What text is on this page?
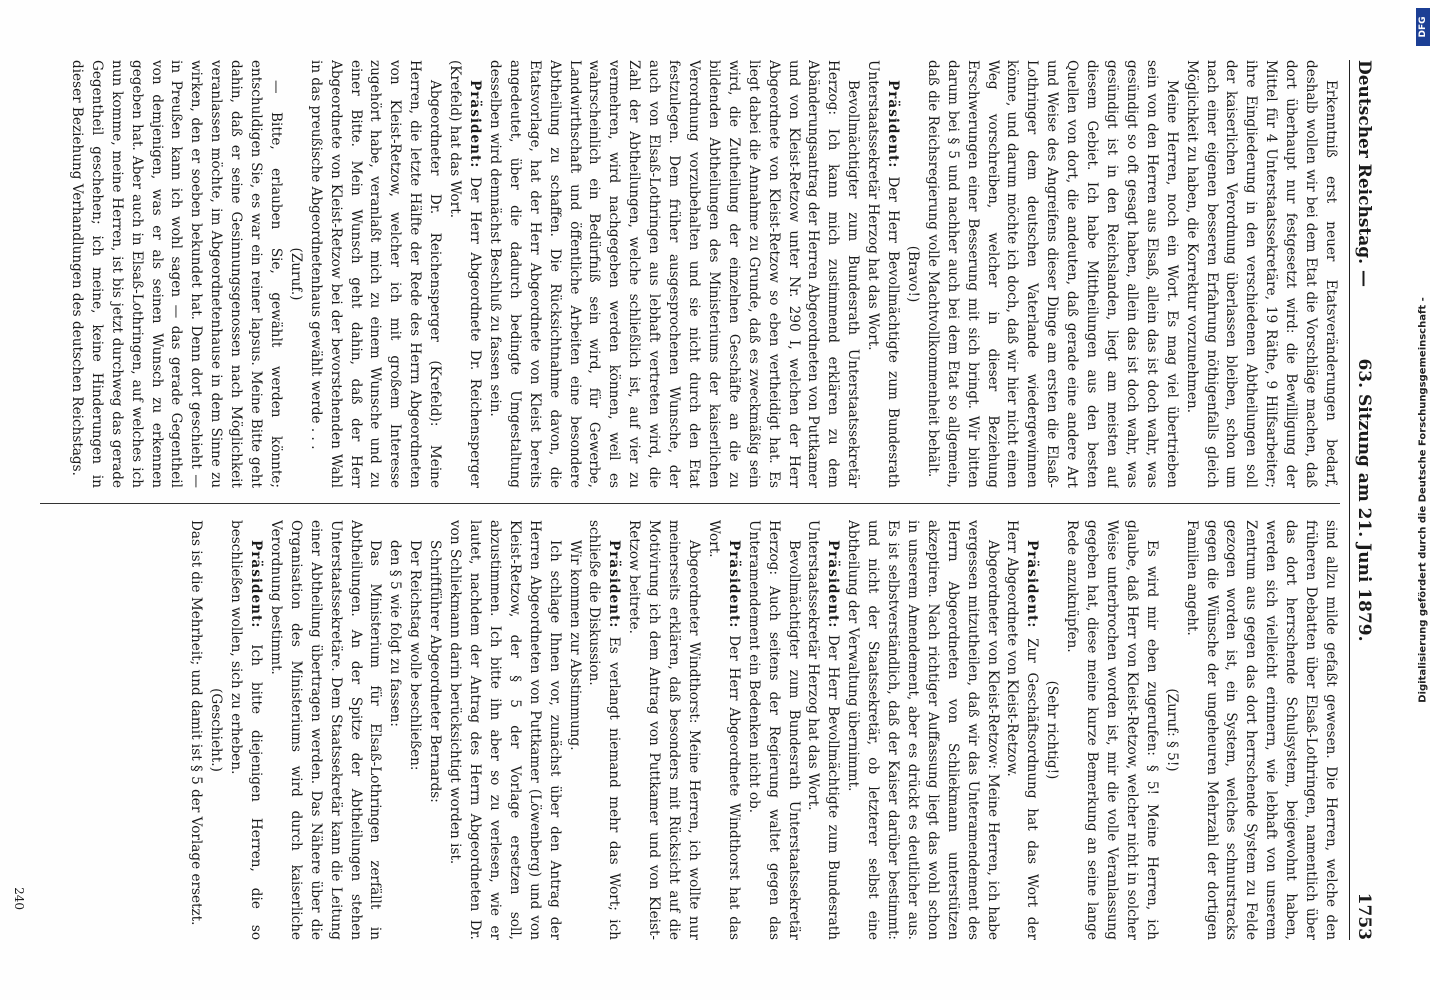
Deutscher Reichstag. —
63. Sitzung am 21. Juni 1879.
1753

Erkenntniß erst neuer Etatsveränderungen bedarf, deshalb wollen wir bei dem Etat die Vorschläge machen, daß dort überhaupt nur festgesetzt wird: die Bewilligung der Mittel für 4 Unterstaatssekretäre, 19 Räthe, 9 Hilfsarbeiter; ihre Eingliederung in den verschiedenen Abtheilungen soll der kaiserlichen Verordnung überlassen bleiben, schon um nach einer eigenen besseren Erfahrung nöthigenfalls gleich Möglichkeit zu haben, die Korrektur vorzunehmen.

Meine Herren, noch ein Wort. Es mag viel übertrieben sein von den Herren aus Elsaß, allein das ist doch wahr, was gesündigt so oft gesagt haben, allein das ist doch wahr, was gesündigt ist in den Reichslanden, liegt am meisten auf diesem Gebiet. Ich habe Mittheilungen aus den besten Quellen von dort, die andeuten, daß gerade eine andere Art und Weise des Angreifens dieser Dinge am ersten die Elsaß-Lothringer dem deutschen Vaterlande wiedergewinnen könne, und darum möchte ich doch, daß wir hier nicht einen Weg vorschreiben, welcher in dieser Beziehung Erschwerungen einer Besserung mit sich bringt. Wir bitten darum bei § 5 und nachher auch bei dem Etat so allgemein, daß die Reichsregierung volle Machtvollkommenheit behält.

(Bravo!)

Präsident: Der Herr Bevollmächtigte zum Bundesrath Unterstaatssekretär Herzog hat das Wort.

Bevollmächtigter zum Bundesrath Unterstaatssekretär Herzog: Ich kann mich zustimmend erklären zu dem Abänderungsantrag der Herren Abgeordneten von Puttkamer und von Kleist-Retzow unter Nr. 290 I, welchen der Herr Abgeordnete von Kleist-Retzow so eben vertheidigt hat. Es liegt dabei die Annahme zu Grunde, daß es zweckmäßig sein wird, die Zutheilung der einzelnen Geschäfte an die zu bildenden Abtheilungen des Ministeriums der kaiserlichen Verordnung vorzubehalten und sie nicht durch den Etat festzulegen. Dem früher ausgesprochenen Wunsche, der auch von Elsaß-Lothringen aus lebhaft vertreten wird, die Zahl der Abtheilungen, welche schließlich ist, auf vier zu vermehren, wird nachgegeben werden können, weil es wahrscheinlich ein Bedürfniß sein wird, für Gewerbe, Landwirthschaft und öffentliche Arbeiten eine besondere Abtheilung zu schaffen. Die Rücksichtnahme davon, die Etatsvorlage, hat der Herr Abgeordnete von Kleist bereits angedeutet, über die dadurch bedingte Umgestaltung desselben wird demnächst Beschluß zu fassen sein.

Präsident: Der Herr Abgeordnete Dr. Reichensperger (Krefeld) hat das Wort.

Abgeordneter Dr. Reichensperger (Krefeld): Meine Herren, die letzte Hälfte der Rede des Herrn Abgeordneten von Kleist-Retzow, welcher ich mit großem Interesse zugehört habe, veranlaßt mich zu einem Wunsche und zu einer Bitte. Mein Wunsch geht dahin, daß der Herr Abgeordnete von Kleist-Retzow bei der bevorstehenden Wahl in das preußische Abgeordnetenhaus gewählt werde . . .

(Zuruf.)

— Bitte, erlauben Sie, gewählt werden könnte; entschuldigen Sie, es war ein reiner lapsus. Meine Bitte geht dahin, daß er seine Gesinnungsgenossen nach Möglichkeit veranlassen möchte, im Abgeordnetenhause in dem Sinne zu wirken, den er soeben bekundet hat. Denn dort geschieht — in Preußen kann ich wohl sagen — das gerade Gegentheil von demjenigen, was er als seinen Wunsch zu erkennen gegeben hat. Aber auch in Elsaß-Lothringen, auf welches ich nun komme, meine Herren, ist bis jetzt durchweg das gerade Gegentheil geschehen; ich meine, keine Hinderungen in dieser Beziehung Verhandlungen des deutschen Reichstags.

sind allzu milde gefaßt gewesen. Die Herren, welche den früheren Debatten über Elsaß-Lothringen, namentlich über das dort herrschende Schulsystem, beigewohnt haben, werden sich vielleicht erinnern, wie lebhaft von unserem Zentrum aus gegen das dort herrschende System zu Felde gezogen worden ist, ein System, welches schnurstracks gegen die Wünsche der ungeheuren Mehrzahl der dortigen Familien angeht.

(Zuruf: § 5!)

Es wird mir eben zugerufen: § 5! Meine Herren, ich glaube, daß Herr von Kleist-Retzow, welcher nicht in solcher Weise unterbrochen worden ist, mir die volle Veranlassung gegeben hat, diese meine kurze Bemerkung an seine lange Rede anzuknüpfen.

(Sehr richtig!)

Präsident: Zur Geschäftsordnung hat das Wort der Herr Abgeordnete von Kleist-Retzow.

Abgeordneter von Kleist-Retzow: Meine Herren, ich habe vergessen mitzutheilen, daß wir das Unteramendement des Herrn Abgeordneten von Schliekmann unterstützen akzeptiren. Nach richtiger Auffassung liegt das wohl schon in unserem Amendement, aber es drückt es deutlicher aus. Es ist selbstverständlich, daß der Kaiser darüber bestimmt: und nicht der Staatssekretär, ob letzterer selbst eine Abtheilung der Verwaltung übernimmt.

Präsident: Der Herr Bevollmächtigte zum Bundesrath Unterstaatssekretär Herzog hat das Wort.

Bevollmächtigter zum Bundesrath Unterstaatssekretär Herzog: Auch seitens der Regierung waltet gegen das Unteramendement ein Bedenken nicht ob.

Präsident: Der Herr Abgeordnete Windthorst hat das Wort.

Abgeordneter Windthorst: Meine Herren, ich wollte nur meinerseits erklären, daß besonders mit Rücksicht auf die Motivirung ich dem Antrag von Puttkamer und von Kleist-Retzow beitrete.

Präsident: Es verlangt niemand mehr das Wort; ich schließe die Diskussion.

Wir kommen zur Abstimmung.

Ich schlage Ihnen vor, zunächst über den Antrag der Herren Abgeordneten von Puttkamer (Löwenberg) und von Kleist-Retzow, der § 5 der Vorlage ersetzen soll, abzustimmen. Ich bitte ihn aber so zu verlesen, wie er lautet, nachdem der Antrag des Herrn Abgeordneten Dr. von Schliekmann darin berücksichtigt worden ist.

Schriftführer Abgeordneter Bernards:

Der Reichstag wolle beschließen:

den § 5 wie folgt zu fassen:

Das Ministerium für Elsaß-Lothringen zerfällt in Abtheilungen. An der Spitze der Abtheilungen stehen Unterstaatssekretäre. Dem Staatssekretär kann die Leitung einer Abtheilung übertragen werden. Das Nähere über die Organisation des Ministeriums wird durch kaiserliche Verordnung bestimmt.

Präsident: Ich bitte diejenigen Herren, die so beschließen wollen, sich zu erheben.

(Geschieht.)

Das ist die Mehrheit; und damit ist § 5 der Vorlage ersetzt.

240
Digitalisierung gefördert durch die Deutsche Forschungsgemeinschaft -
DFG
